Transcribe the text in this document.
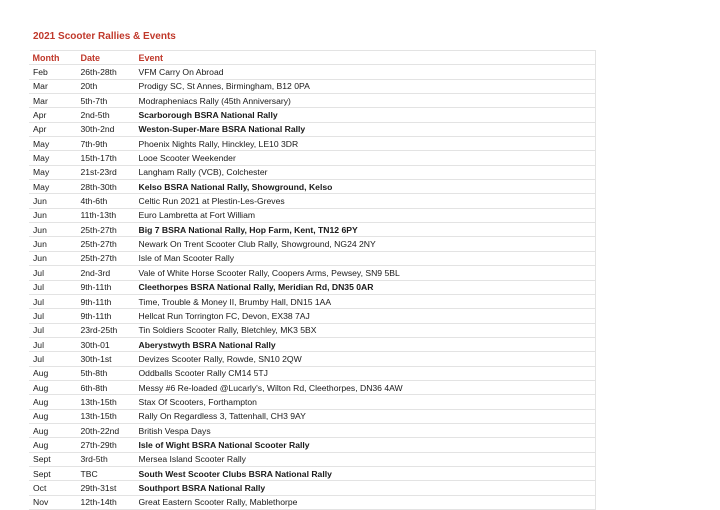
2021 Scooter Rallies & Events
Month	Date	Event
Feb	26th-28th	VFM Carry On Abroad
Mar	20th	Prodigy SC, St Annes, Birmingham, B12 0PA
Mar	5th-7th	Modrapheniacs Rally (45th Anniversary)
Apr	2nd-5th	Scarborough BSRA National Rally
Apr	30th-2nd	Weston-Super-Mare BSRA National Rally
May	7th-9th	Phoenix Nights Rally, Hinckley, LE10 3DR
May	15th-17th	Looe Scooter Weekender
May	21st-23rd	Langham Rally (VCB), Colchester
May	28th-30th	Kelso BSRA National Rally, Showground, Kelso
Jun	4th-6th	Celtic Run 2021 at Plestin-Les-Greves
Jun	11th-13th	Euro Lambretta at Fort William
Jun	25th-27th	Big 7 BSRA National Rally, Hop Farm, Kent, TN12 6PY
Jun	25th-27th	Newark On Trent Scooter Club Rally, Showground, NG24 2NY
Jun	25th-27th	Isle of Man Scooter Rally
Jul	2nd-3rd	Vale of White Horse Scooter Rally, Coopers Arms, Pewsey, SN9 5BL
Jul	9th-11th	Cleethorpes BSRA National Rally, Meridian Rd, DN35 0AR
Jul	9th-11th	Time, Trouble & Money II, Brumby Hall, DN15 1AA
Jul	9th-11th	Hellcat Run Torrington FC, Devon, EX38 7AJ
Jul	23rd-25th	Tin Soldiers Scooter Rally, Bletchley, MK3 5BX
Jul	30th-01	Aberystwyth BSRA National Rally
Jul	30th-1st	Devizes Scooter Rally, Rowde, SN10 2QW
Aug	5th-8th	Oddballs Scooter Rally CM14 5TJ
Aug	6th-8th	Messy #6 Re-loaded @Lucarly's, Wilton Rd, Cleethorpes, DN36 4AW
Aug	13th-15th	Stax Of Scooters, Forthampton
Aug	13th-15th	Rally On Regardless 3, Tattenhall, CH3 9AY
Aug	20th-22nd	British Vespa Days
Aug	27th-29th	Isle of Wight BSRA National Scooter Rally
Sept	3rd-5th	Mersea Island Scooter Rally
Sept	TBC	South West Scooter Clubs BSRA National Rally
Oct	29th-31st	Southport BSRA National Rally
Nov	12th-14th	Great Eastern Scooter Rally, Mablethorpe
